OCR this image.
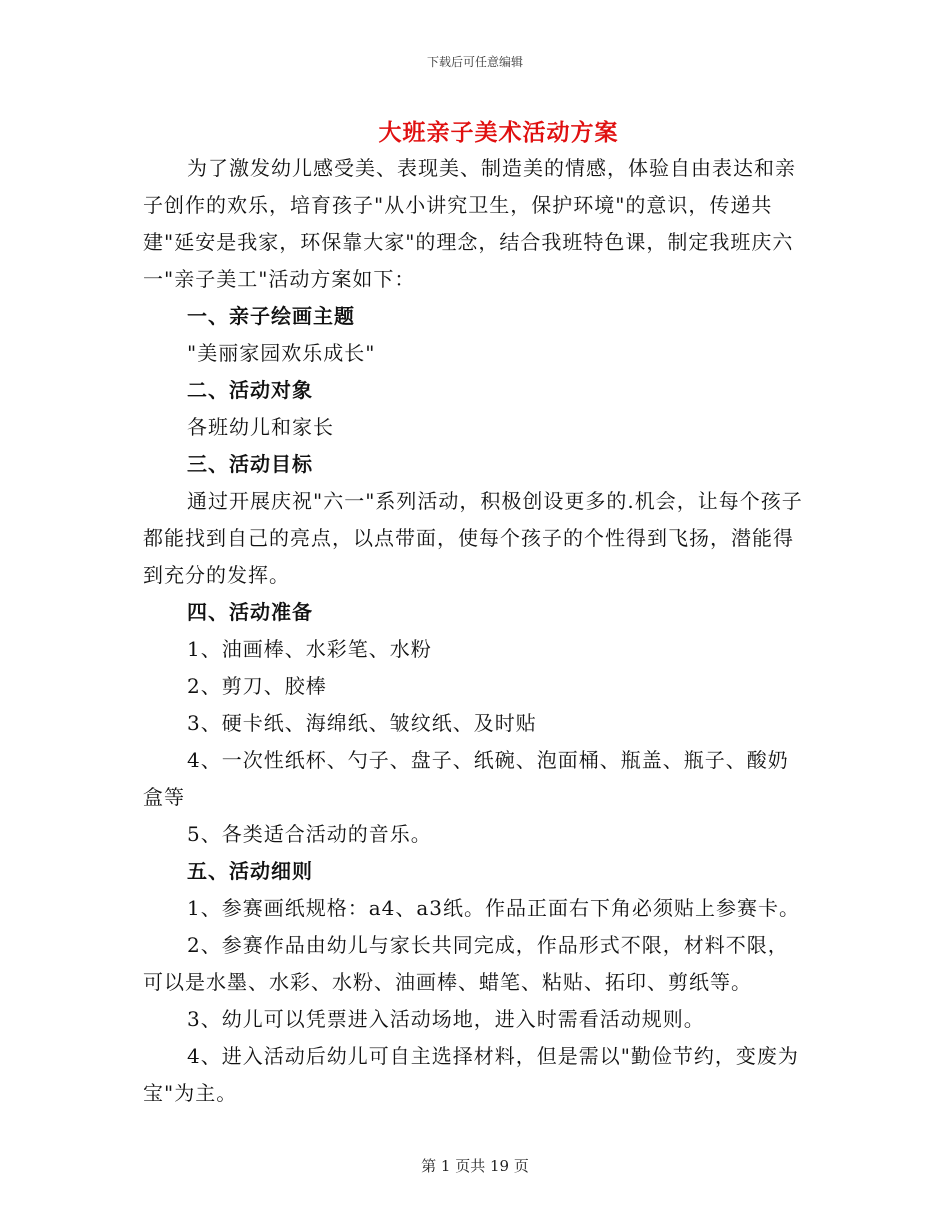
下载后可任意编辑
大班亲子美术活动方案

为了激发幼儿感受美、表现美、制造美的情感，体验自由表达和亲子创作的欢乐，培育孩子"从小讲究卫生，保护环境"的意识，传递共建"延安是我家，环保靠大家"的理念，结合我班特色课，制定我班庆六一"亲子美工"活动方案如下：

一、亲子绘画主题

"美丽家园欢乐成长"

二、活动对象

各班幼儿和家长

三、活动目标

通过开展庆祝"六一"系列活动，积极创设更多的.机会，让每个孩子都能找到自己的亮点，以点带面，使每个孩子的个性得到飞扬，潜能得到充分的发挥。

四、活动准备

1、油画棒、水彩笔、水粉

2、剪刀、胶棒

3、硬卡纸、海绵纸、皱纹纸、及时贴

4、一次性纸杯、勺子、盘子、纸碗、泡面桶、瓶盖、瓶子、酸奶盒等

5、各类适合活动的音乐。

五、活动细则

1、参赛画纸规格：a4、a3纸。作品正面右下角必须贴上参赛卡。

2、参赛作品由幼儿与家长共同完成，作品形式不限，材料不限，可以是水墨、水彩、水粉、油画棒、蜡笔、粘贴、拓印、剪纸等。

3、幼儿可以凭票进入活动场地，进入时需看活动规则。

4、进入活动后幼儿可自主选择材料，但是需以"勤俭节约，变废为宝"为主。

第 1 页共 19 页
